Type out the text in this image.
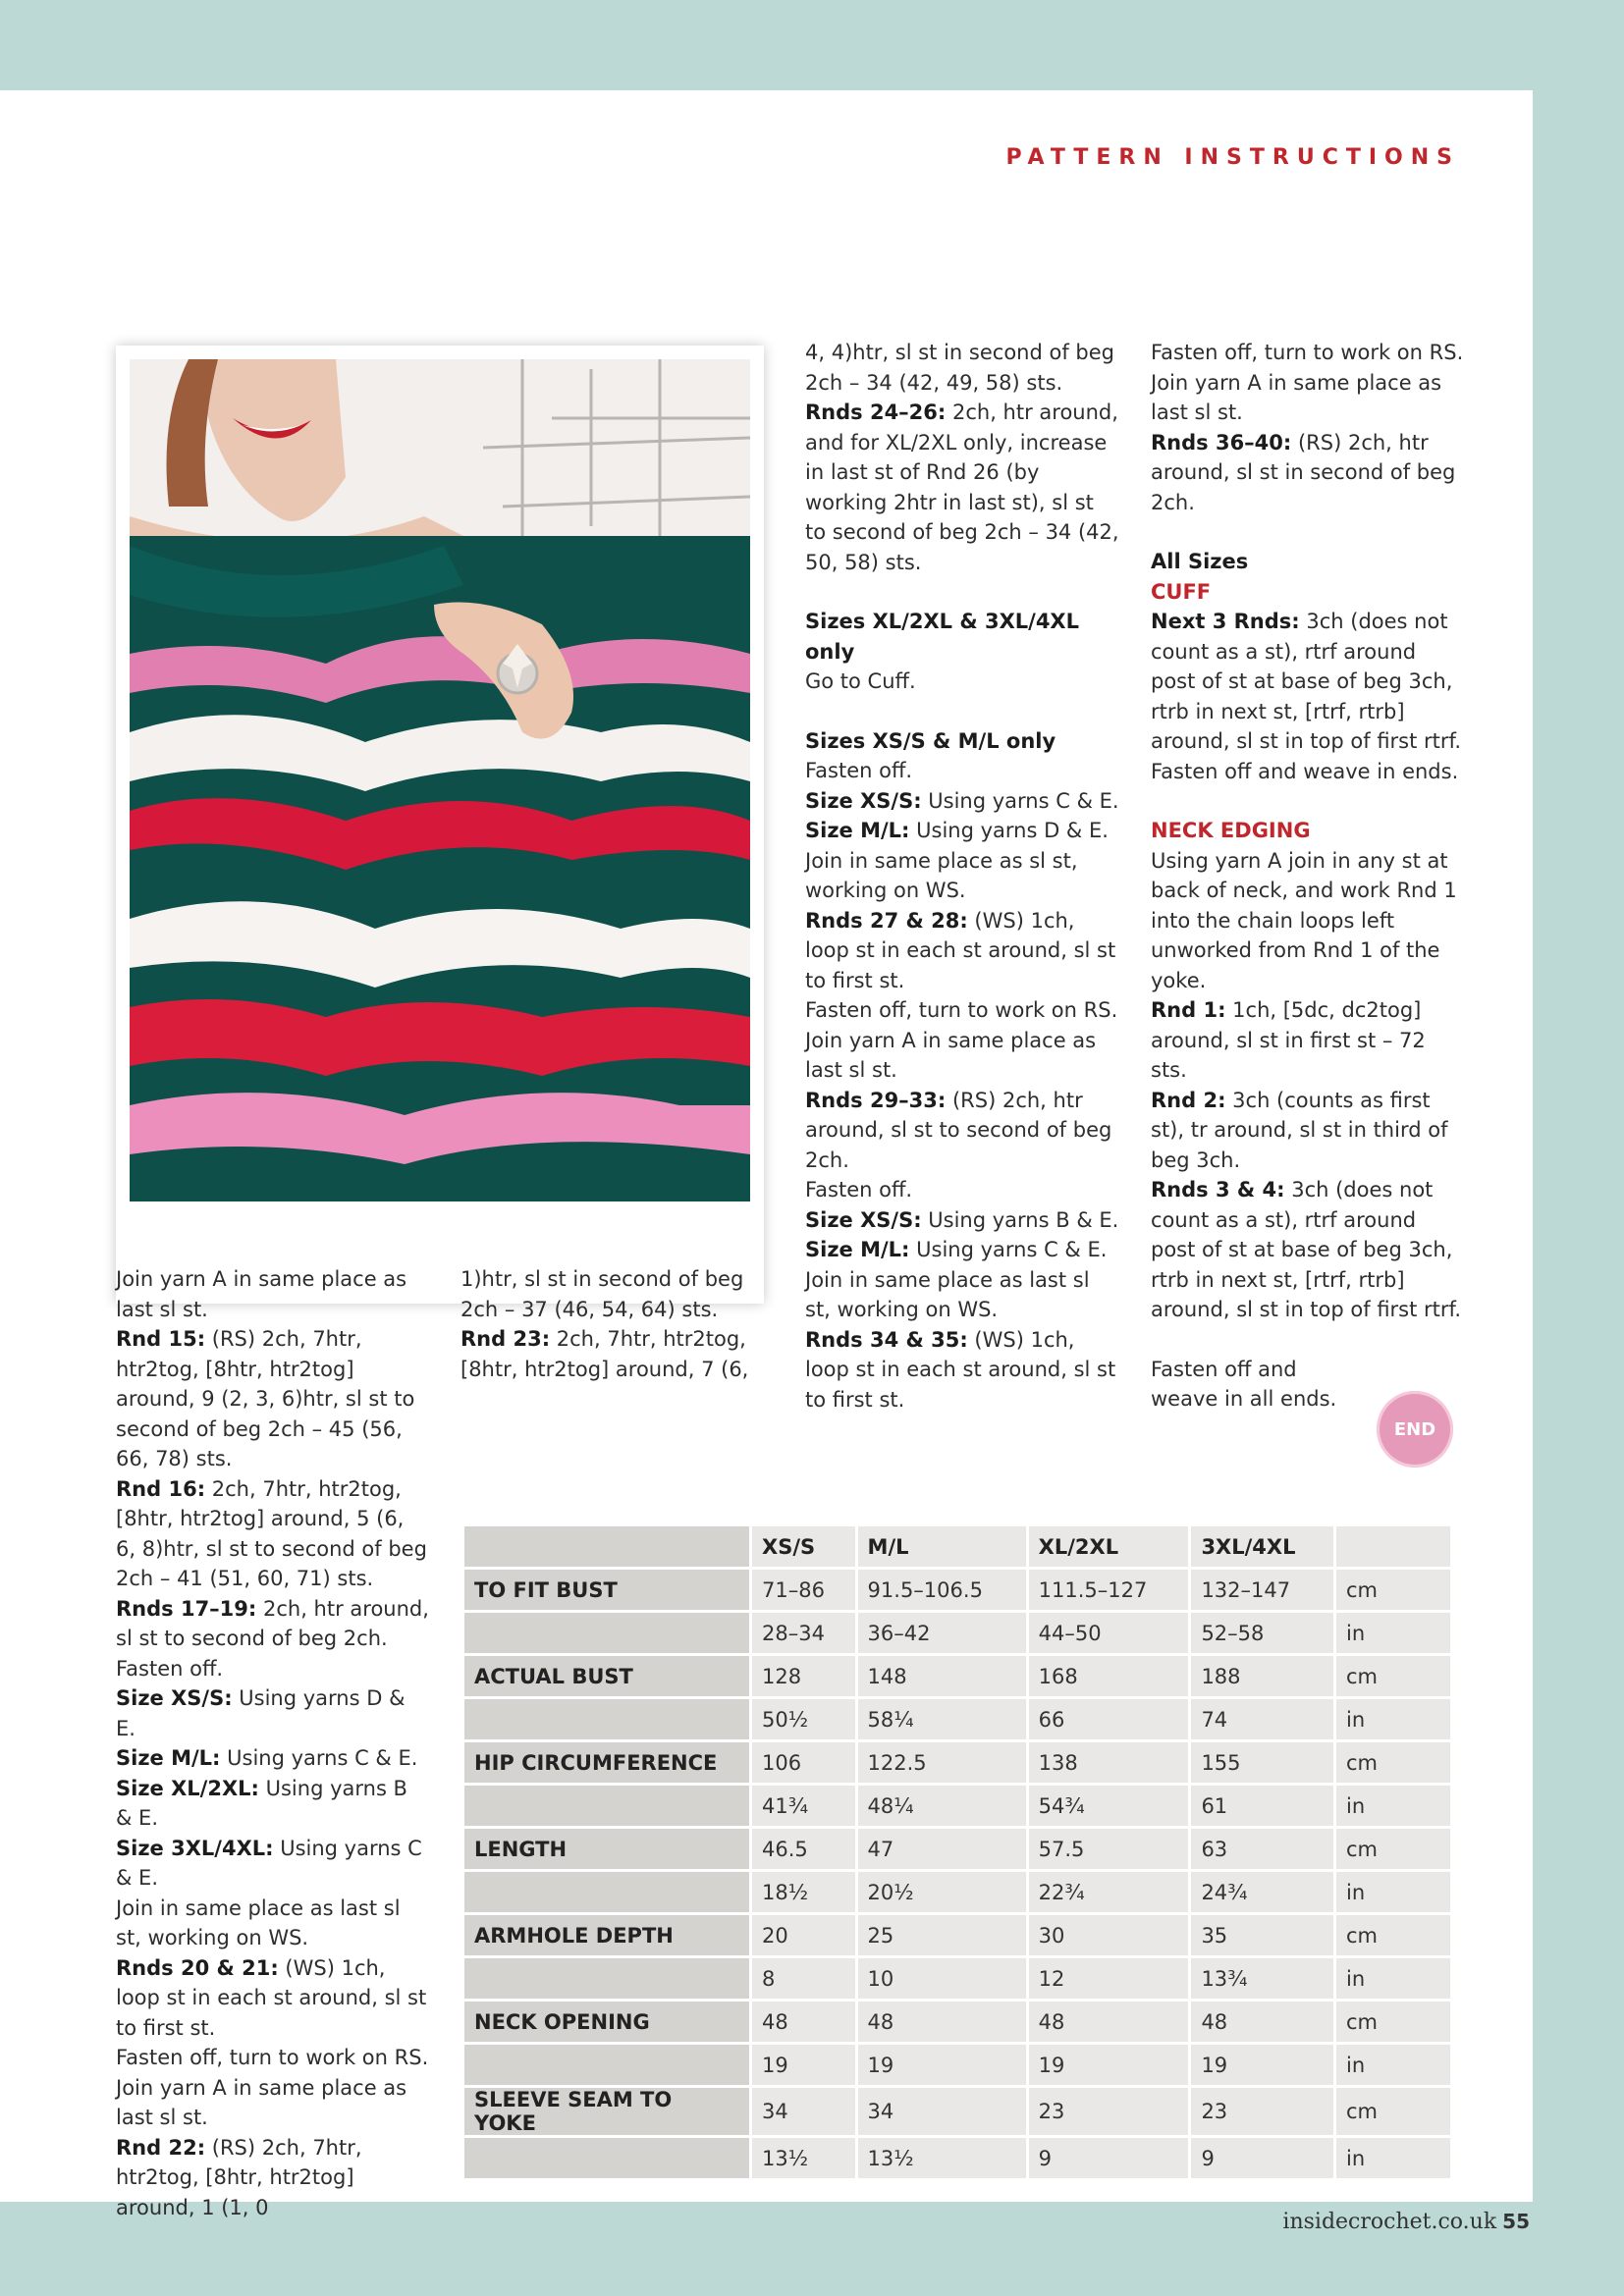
PATTERN INSTRUCTIONS

Join yarn A in same place as last sl st.

Rnd 15: (RS) 2ch, 7htr, htr2tog, [8htr, htr2tog] around, 9 (2, 3, 6)htr, sl st to second of beg 2ch – 45 (56, 66, 78) sts.

Rnd 16: 2ch, 7htr, htr2tog, [8htr, htr2tog] around, 5 (6, 6, 8)htr, sl st to second of beg 2ch – 41 (51, 60, 71) sts.

Rnds 17–19: 2ch, htr around, sl st to second of beg 2ch.

Fasten off.

Size XS/S: Using yarns D & E.

Size M/L: Using yarns C & E.

Size XL/2XL: Using yarns B & E.

Size 3XL/4XL: Using yarns C & E.

Join in same place as last sl st, working on WS.

Rnds 20 & 21: (WS) 1ch, loop st in each st around, sl st to first st.

Fasten off, turn to work on RS.

Join yarn A in same place as last sl st.

Rnd 22: (RS) 2ch, 7htr, htr2tog, [8htr, htr2tog] around, 1 (1, 0

1)htr, sl st in second of beg 2ch – 37 (46, 54, 64) sts.

Rnd 23: 2ch, 7htr, htr2tog, [8htr, htr2tog] around, 7 (6,

4, 4)htr, sl st in second of beg 2ch – 34 (42, 49, 58) sts.

Rnds 24–26: 2ch, htr around, and for XL/2XL only, increase in last st of Rnd 26 (by working 2htr in last st), sl st to second of beg 2ch – 34 (42, 50, 58) sts.

Sizes XL/2XL & 3XL/4XL only

Go to Cuff.

Sizes XS/S & M/L only

Fasten off.

Size XS/S: Using yarns C & E.

Size M/L: Using yarns D & E.

Join in same place as sl st, working on WS.

Rnds 27 & 28: (WS) 1ch, loop st in each st around, sl st to first st.

Fasten off, turn to work on RS.

Join yarn A in same place as last sl st.

Rnds 29–33: (RS) 2ch, htr around, sl st to second of beg 2ch.

Fasten off.

Size XS/S: Using yarns B & E.

Size M/L: Using yarns C & E.

Join in same place as last sl st, working on WS.

Rnds 34 & 35: (WS) 1ch, loop st in each st around, sl st to first st.

Fasten off, turn to work on RS.

Join yarn A in same place as last sl st.

Rnds 36–40: (RS) 2ch, htr around, sl st in second of beg 2ch.

All Sizes

CUFF

Next 3 Rnds: 3ch (does not count as a st), rtrf around post of st at base of beg 3ch, rtrb in next st, [rtrf, rtrb] around, sl st in top of first rtrf.

Fasten off and weave in ends.

NECK EDGING

Using yarn A join in any st at back of neck, and work Rnd 1 into the chain loops left unworked from Rnd 1 of the yoke.

Rnd 1: 1ch, [5dc, dc2tog] around, sl st in first st – 72 sts.

Rnd 2: 3ch (counts as first st), tr around, sl st in third of beg 3ch.

Rnds 3 & 4: 3ch (does not count as a st), rtrf around post of st at base of beg 3ch, rtrb in next st, [rtrf, rtrb] around, sl st in top of first rtrf.

Fasten off and weave in all ends.

END
	XS/S	M/L	XL/2XL	3XL/4XL	
TO FIT BUST	71–86	91.5–106.5	111.5–127	132–147	cm
	28–34	36–42	44–50	52–58	in
ACTUAL BUST	128	148	168	188	cm
	50½	58¼	66	74	in
HIP CIRCUMFERENCE	106	122.5	138	155	cm
	41¾	48¼	54¾	61	in
LENGTH	46.5	47	57.5	63	cm
	18½	20½	22¾	24¾	in
ARMHOLE DEPTH	20	25	30	35	cm
	8	10	12	13¾	in
NECK OPENING	48	48	48	48	cm
	19	19	19	19	in
SLEEVE SEAM TO YOKE	34	34	23	23	cm
	13½	13½	9	9	in
insidecrochet.co.uk 55
